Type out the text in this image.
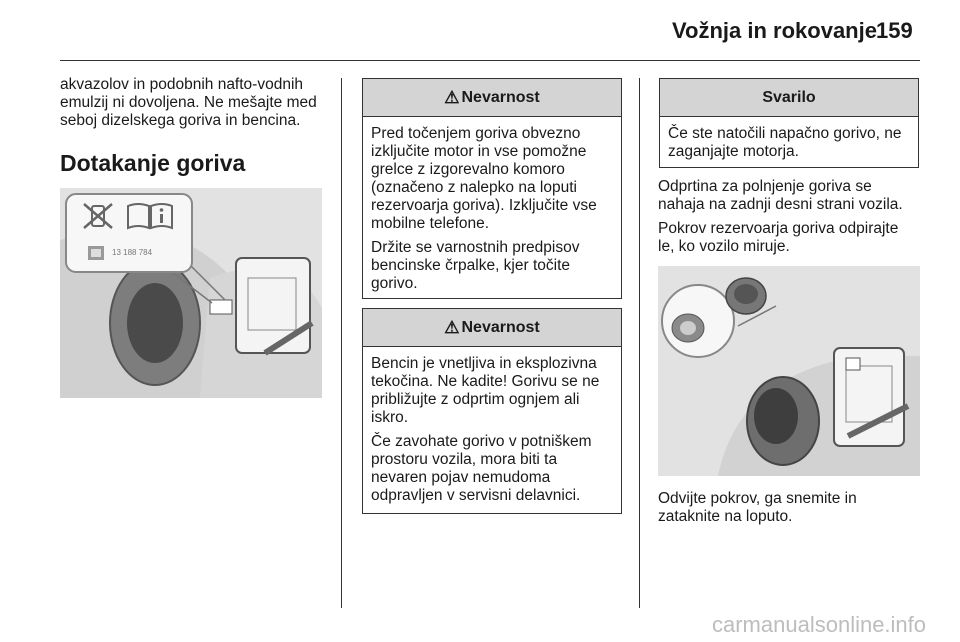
Vožnja in rokovanje 159

akvazolov in podobnih nafto-vodnih
emulzij ni dovoljena. Ne mešajte med
seboj dizelskega goriva in bencina.

Dotakanje goriva
13 188 784
⚠ Nevarnost

Pred točenjem goriva obvezno
izključite motor in vse pomožne
grelce z izgorevalno komoro
(označeno z nalepko na loputi
rezervoarja goriva). Izključite vse
mobilne telefone.

Držite se varnostnih predpisov
bencinske črpalke, kjer točite
gorivo.

⚠ Nevarnost

Bencin je vnetljiva in eksplozivna
tekočina. Ne kadite! Gorivu se ne
približujte z odprtim ognjem ali
iskro.

Če zavohate gorivo v potniškem
prostoru vozila, mora biti ta
nevaren pojav nemudoma
odpravljen v servisni delavnici.

Svarilo

Če ste natočili napačno gorivo, ne
zaganjajte motorja.

Odprtina za polnjenje goriva se
nahaja na zadnji desni strani vozila.

Pokrov rezervoarja goriva odpirajte
le, ko vozilo miruje.

Odvijte pokrov, ga snemite in
zataknite na loputo.

carmanualsonline.info
